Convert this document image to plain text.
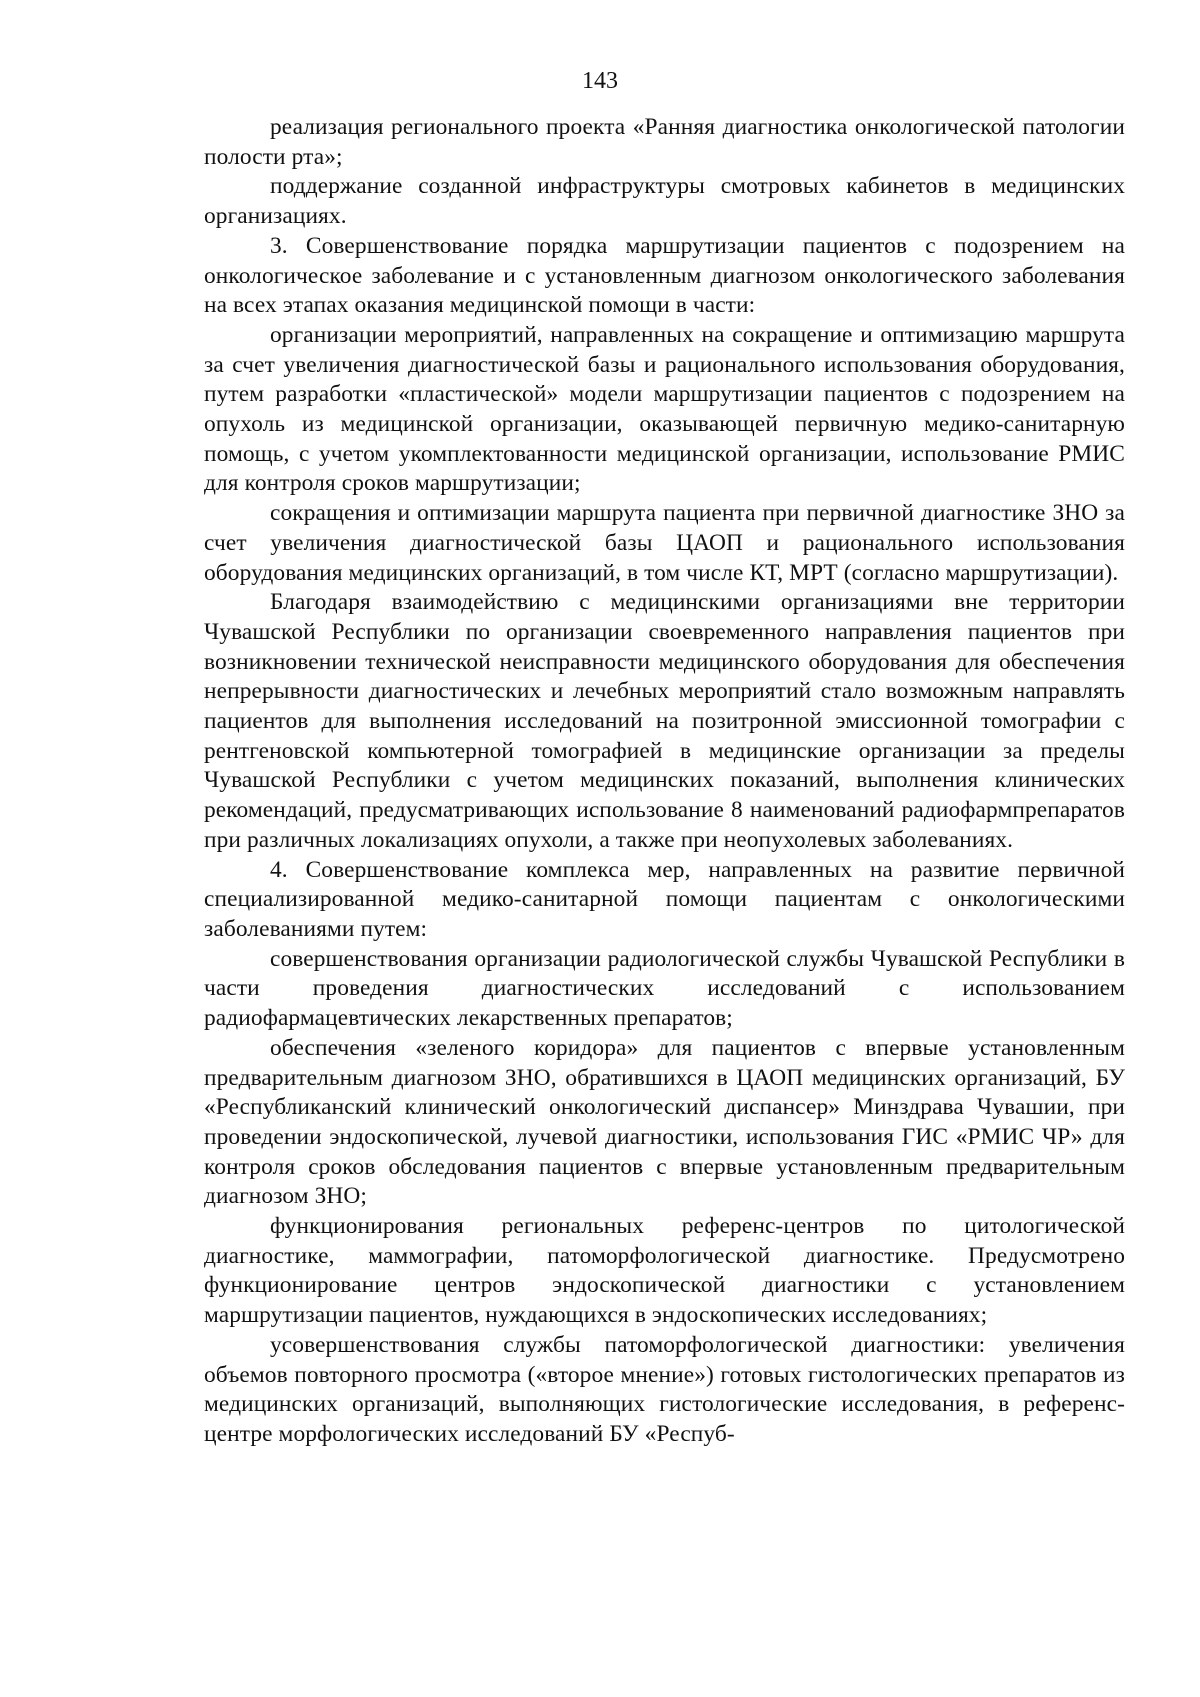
143

реализация регионального проекта «Ранняя диагностика онкологической патологии полости рта»;

поддержание созданной инфраструктуры смотровых кабинетов в медицинских организациях.

3. Совершенствование порядка маршрутизации пациентов с подозрением на онкологическое заболевание и с установленным диагнозом онкологического заболевания на всех этапах оказания медицинской помощи в части:

организации мероприятий, направленных на сокращение и оптимизацию маршрута за счет увеличения диагностической базы и рационального использования оборудования, путем разработки «пластической» модели маршрутизации пациентов с подозрением на опухоль из медицинской организации, оказывающей первичную медико-санитарную помощь, с учетом укомплектованности медицинской организации, использование РМИС для контроля сроков маршрутизации;

сокращения и оптимизации маршрута пациента при первичной диагностике ЗНО за счет увеличения диагностической базы ЦАОП и рационального использования оборудования медицинских организаций, в том числе КТ, МРТ (согласно маршрутизации).

Благодаря взаимодействию с медицинскими организациями вне территории Чувашской Республики по организации своевременного направления пациентов при возникновении технической неисправности медицинского оборудования для обеспечения непрерывности диагностических и лечебных мероприятий стало возможным направлять пациентов для выполнения исследований на позитронной эмиссионной томографии с рентгеновской компьютерной томографией в медицинские организации за пределы Чувашской Республики с учетом медицинских показаний, выполнения клинических рекомендаций, предусматривающих использование 8 наименований радиофармпрепаратов при различных локализациях опухоли, а также при неопухолевых заболеваниях.

4. Совершенствование комплекса мер, направленных на развитие первичной специализированной медико-санитарной помощи пациентам с онкологическими заболеваниями путем:

совершенствования организации радиологической службы Чувашской Республики в части проведения диагностических исследований с использованием радиофармацевтических лекарственных препаратов;

обеспечения «зеленого коридора» для пациентов с впервые установленным предварительным диагнозом ЗНО, обратившихся в ЦАОП медицинских организаций, БУ «Республиканский клинический онкологический диспансер» Минздрава Чувашии, при проведении эндоскопической, лучевой диагностики, использования ГИС «РМИС ЧР» для контроля сроков обследования пациентов с впервые установленным предварительным диагнозом ЗНО;

функционирования региональных референс-центров по цитологической диагностике, маммографии, патоморфологической диагностике. Предусмотрено функционирование центров эндоскопической диагностики с установлением маршрутизации пациентов, нуждающихся в эндоскопических исследованиях;

усовершенствования службы патоморфологической диагностики: увеличения объемов повторного просмотра («второе мнение») готовых гистологических препаратов из медицинских организаций, выполняющих гистологические исследования, в референс-центре морфологических исследований БУ «Респуб-
